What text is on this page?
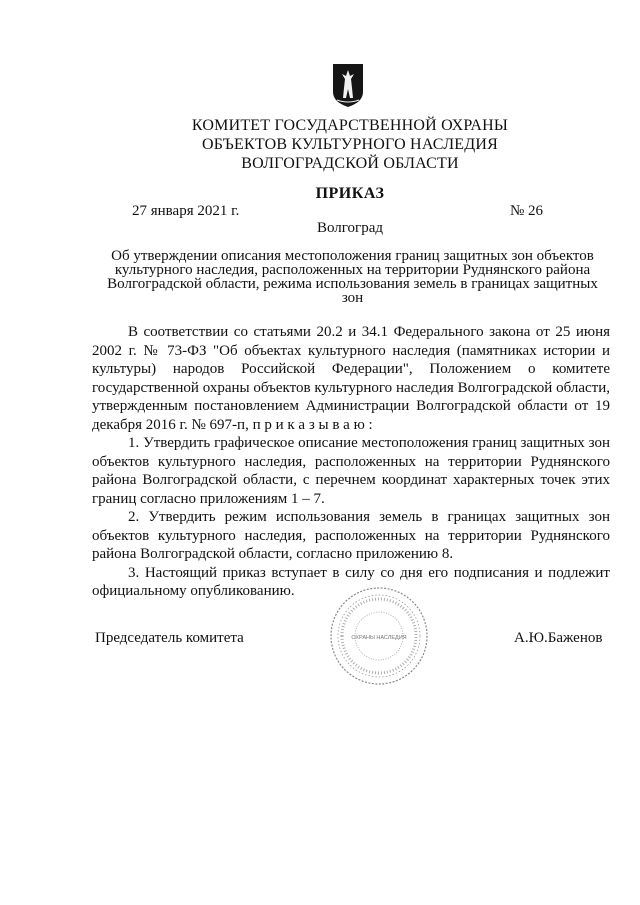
КОМИТЕТ ГОСУДАРСТВЕННОЙ ОХРАНЫ
ОБЪЕКТОВ КУЛЬТУРНОГО НАСЛЕДИЯ
ВОЛГОГРАДСКОЙ ОБЛАСТИ
ПРИКАЗ
27 января 2021 г.	№ 26
Волгоград
Об утверждении описания местоположения границ защитных зон объектов культурного наследия, расположенных на территории Руднянского района Волгоградской области, режима использования земель в границах защитных зон

В соответствии со статьями 20.2 и 34.1 Федерального закона от 25 июня 2002 г. № 73-ФЗ "Об объектах культурного наследия (памятниках истории и культуры) народов Российской Федерации", Положением о комитете государственной охраны объектов культурного наследия Волгоградской области, утвержденным постановлением Администрации Волгоградской области от 19 декабря 2016 г. № 697-п, п р и к а з ы в а ю :

1. Утвердить графическое описание местоположения границ защитных зон объектов культурного наследия, расположенных на территории Руднянского района Волгоградской области, с перечнем координат характерных точек этих границ согласно приложениям 1 – 7.

2. Утвердить режим использования земель в границах защитных зон объектов культурного наследия, расположенных на территории Руднянского района Волгоградской области, согласно приложению 8.

3. Настоящий приказ вступает в силу со дня его подписания и подлежит официальному опубликованию.

ОХРАНЫ НАСЛЕДИЯ
Председатель комитета	А.Ю.Баженов
